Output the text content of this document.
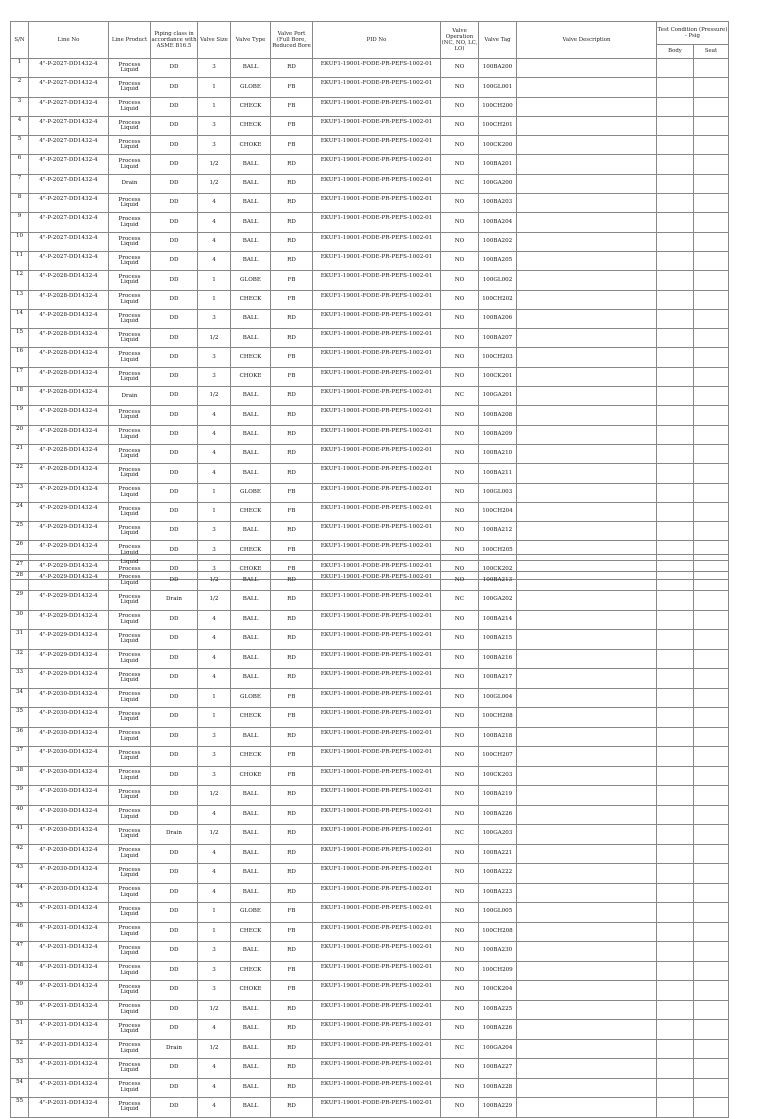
S/N	Line No	Line Product	Piping class in accordance with ASME B16.5	Valve Size	Valve Type	Valve Port (Full Bore, Reduced Bore	PID No	Valve Operation (NC, NO, LC, LO)	Valve Tag	Valve Description	Test Condition (Pressure) - Psig	
											Body	Seat
1	4"-P-2027-DD1432-4	Process Liquid	DD	3	BALL	RD	EKUF1-19001-FODE-PR-PEFS-1002-01	NO	100BA200			
2	4"-P-2027-DD1432-4	Process Liquid	DD	1	GLOBE	FB	EKUF1-19001-FODE-PR-PEFS-1002-01	NO	100GL001			
3	4"-P-2027-DD1432-4	Process Liquid	DD	1	CHECK	FB	EKUF1-19001-FODE-PR-PEFS-1002-01	NO	100CH200			
4	4"-P-2027-DD1432-4	Process Liquid	DD	3	CHECK	FB	EKUF1-19001-FODE-PR-PEFS-1002-01	NO	100CH201			
5	4"-P-2027-DD1432-4	Process Liquid	DD	3	CHOKE	FB	EKUF1-19001-FODE-PR-PEFS-1002-01	NO	100CK200			
6	4"-P-2027-DD1432-4	Process Liquid	DD	1/2	BALL	RD	EKUF1-19001-FODE-PR-PEFS-1002-01	NO	100BA201			
7	4"-P-2027-DD1432-4	Drain	DD	1/2	BALL	RD	EKUF1-19001-FODE-PR-PEFS-1002-01	NC	100GA200			
8	4"-P-2027-DD1432-4	Process Liquid	DD	4	BALL	RD	EKUF1-19001-FODE-PR-PEFS-1002-01	NO	100BA203			
9	4"-P-2027-DD1432-4	Process Liquid	DD	4	BALL	RD	EKUF1-19001-FODE-PR-PEFS-1002-01	NO	100BA204			
10	4"-P-2027-DD1432-4	Process Liquid	DD	4	BALL	RD	EKUF1-19001-FODE-PR-PEFS-1002-01	NO	100BA202			
11	4"-P-2027-DD1432-4	Process Liquid	DD	4	BALL	RD	EKUF1-19001-FODE-PR-PEFS-1002-01	NO	100BA205			
12	4"-P-2028-DD1432-4	Process Liquid	DD	1	GLOBE	FB	EKUF1-19001-FODE-PR-PEFS-1002-01	NO	100GL002			
13	4"-P-2028-DD1432-4	Process Liquid	DD	1	CHECK	FB	EKUF1-19001-FODE-PR-PEFS-1002-01	NO	100CH202			
14	4"-P-2028-DD1432-4	Process Liquid	DD	3	BALL	RD	EKUF1-19001-FODE-PR-PEFS-1002-01	NO	100BA206			
15	4"-P-2028-DD1432-4	Process Liquid	DD	1/2	BALL	RD	EKUF1-19001-FODE-PR-PEFS-1002-01	NO	100BA207			
16	4"-P-2028-DD1432-4	Process Liquid	DD	3	CHECK	FB	EKUF1-19001-FODE-PR-PEFS-1002-01	NO	100CH203			
17	4"-P-2028-DD1432-4	Process Liquid	DD	3	CHOKE	FB	EKUF1-19001-FODE-PR-PEFS-1002-01	NO	100CK201			
18	4"-P-2028-DD1432-4	Drain	DD	1/2	BALL	RD	EKUF1-19001-FODE-PR-PEFS-1002-01	NC	100GA201			
19	4"-P-2028-DD1432-4	Process Liquid	DD	4	BALL	RD	EKUF1-19001-FODE-PR-PEFS-1002-01	NO	100BA208			
20	4"-P-2028-DD1432-4	Process Liquid	DD	4	BALL	RD	EKUF1-19001-FODE-PR-PEFS-1002-01	NO	100BA209			
21	4"-P-2028-DD1432-4	Process Liquid	DD	4	BALL	RD	EKUF1-19001-FODE-PR-PEFS-1002-01	NO	100BA210			
22	4"-P-2028-DD1432-4	Process Liquid	DD	4	BALL	RD	EKUF1-19001-FODE-PR-PEFS-1002-01	NO	100BA211			
23	4"-P-2029-DD1432-4	Process Liquid	DD	1	GLOBE	FB	EKUF1-19001-FODE-PR-PEFS-1002-01	NO	100GL003			
24	4"-P-2029-DD1432-4	Process Liquid	DD	1	CHECK	FB	EKUF1-19001-FODE-PR-PEFS-1002-01	NO	100CH204			
25	4"-P-2029-DD1432-4	Process Liquid	DD	3	BALL	RD	EKUF1-19001-FODE-PR-PEFS-1002-01	NO	100BA212			
26	4"-P-2029-DD1432-4	Process Liquid	DD	3	CHECK	FB	EKUF1-19001-FODE-PR-PEFS-1002-01	NO	100CH205			
27	4"-P-2029-DD1432-4	Process	DD	3	CHOKE	FB	EKUF1-19001-FODE-PR-PEFS-1002-01	NO	100CK202			
		Liquid										
28	4"-P-2029-DD1432-4	Process Liquid	DD	1/2	BALL	RD	EKUF1-19001-FODE-PR-PEFS-1002-01	NO	100BA213			
29	4"-P-2029-DD1432-4	Process Liquid	Drain	1/2	BALL	RD	EKUF1-19001-FODE-PR-PEFS-1002-01	NC	100GA202			
30	4"-P-2029-DD1432-4	Process Liquid	DD	4	BALL	RD	EKUF1-19001-FODE-PR-PEFS-1002-01	NO	100BA214			
31	4"-P-2029-DD1432-4	Process Liquid	DD	4	BALL	RD	EKUF1-19001-FODE-PR-PEFS-1002-01	NO	100BA215			
32	4"-P-2029-DD1432-4	Process Liquid	DD	4	BALL	RD	EKUF1-19001-FODE-PR-PEFS-1002-01	NO	100BA216			
33	4"-P-2029-DD1432-4	Process Liquid	DD	4	BALL	RD	EKUF1-19001-FODE-PR-PEFS-1002-01	NO	100BA217			
34	4"-P-2030-DD1432-4	Process Liquid	DD	1	GLOBE	FB	EKUF1-19001-FODE-PR-PEFS-1002-01	NO	100GL004			
35	4"-P-2030-DD1432-4	Process Liquid	DD	1	CHECK	FB	EKUF1-19001-FODE-PR-PEFS-1002-01	NO	100CH208			
36	4"-P-2030-DD1432-4	Process Liquid	DD	3	BALL	RD	EKUF1-19001-FODE-PR-PEFS-1002-01	NO	100BA218			
37	4"-P-2030-DD1432-4	Process Liquid	DD	3	CHECK	FB	EKUF1-19001-FODE-PR-PEFS-1002-01	NO	100CH207			
38	4"-P-2030-DD1432-4	Process Liquid	DD	3	CHOKE	FB	EKUF1-19001-FODE-PR-PEFS-1002-01	NO	100CK203			
39	4"-P-2030-DD1432-4	Process Liquid	DD	1/2	BALL	RD	EKUF1-19001-FODE-PR-PEFS-1002-01	NO	100BA219			
40	4"-P-2030-DD1432-4	Process Liquid	DD	4	BALL	RD	EKUF1-19001-FODE-PR-PEFS-1002-01	NO	100BA226			
41	4"-P-2030-DD1432-4	Process Liquid	Drain	1/2	BALL	RD	EKUF1-19001-FODE-PR-PEFS-1002-01	NC	100GA203			
42	4"-P-2030-DD1432-4	Process Liquid	DD	4	BALL	RD	EKUF1-19001-FODE-PR-PEFS-1002-01	NO	100BA221			
43	4"-P-2030-DD1432-4	Process Liquid	DD	4	BALL	RD	EKUF1-19001-FODE-PR-PEFS-1002-01	NO	100BA222			
44	4"-P-2030-DD1432-4	Process Liquid	DD	4	BALL	RD	EKUF1-19001-FODE-PR-PEFS-1002-01	NO	100BA223			
45	4"-P-2031-DD1432-4	Process Liquid	DD	1	GLOBE	FB	EKUF1-19001-FODE-PR-PEFS-1002-01	NO	100GL005			
46	4"-P-2031-DD1432-4	Process Liquid	DD	1	CHECK	FB	EKUF1-19001-FODE-PR-PEFS-1002-01	NO	100CH208			
47	4"-P-2031-DD1432-4	Process Liquid	DD	3	BALL	RD	EKUF1-19001-FODE-PR-PEFS-1002-01	NO	100BA230			
48	4"-P-2031-DD1432-4	Process Liquid	DD	3	CHECK	FB	EKUF1-19001-FODE-PR-PEFS-1002-01	NO	100CH209			
49	4"-P-2031-DD1432-4	Process Liquid	DD	3	CHOKE	FB	EKUF1-19001-FODE-PR-PEFS-1002-01	NO	100CK204			
50	4"-P-2031-DD1432-4	Process Liquid	DD	1/2	BALL	RD	EKUF1-19001-FODE-PR-PEFS-1002-01	NO	100BA225			
51	4"-P-2031-DD1432-4	Process Liquid	DD	4	BALL	RD	EKUF1-19001-FODE-PR-PEFS-1002-01	NO	100BA226			
52	4"-P-2031-DD1432-4	Process Liquid	Drain	1/2	BALL	RD	EKUF1-19001-FODE-PR-PEFS-1002-01	NC	100GA204			
53	4"-P-2031-DD1432-4	Process Liquid	DD	4	BALL	RD	EKUF1-19001-FODE-PR-PEFS-1002-01	NO	100BA227			
54	4"-P-2031-DD1432-4	Process Liquid	DD	4	BALL	RD	EKUF1-19001-FODE-PR-PEFS-1002-01	NO	100BA228			
55	4"-P-2031-DD1432-4	Process Liquid	DD	4	BALL	RD	EKUF1-19001-FODE-PR-PEFS-1002-01	NO	100BA229			
